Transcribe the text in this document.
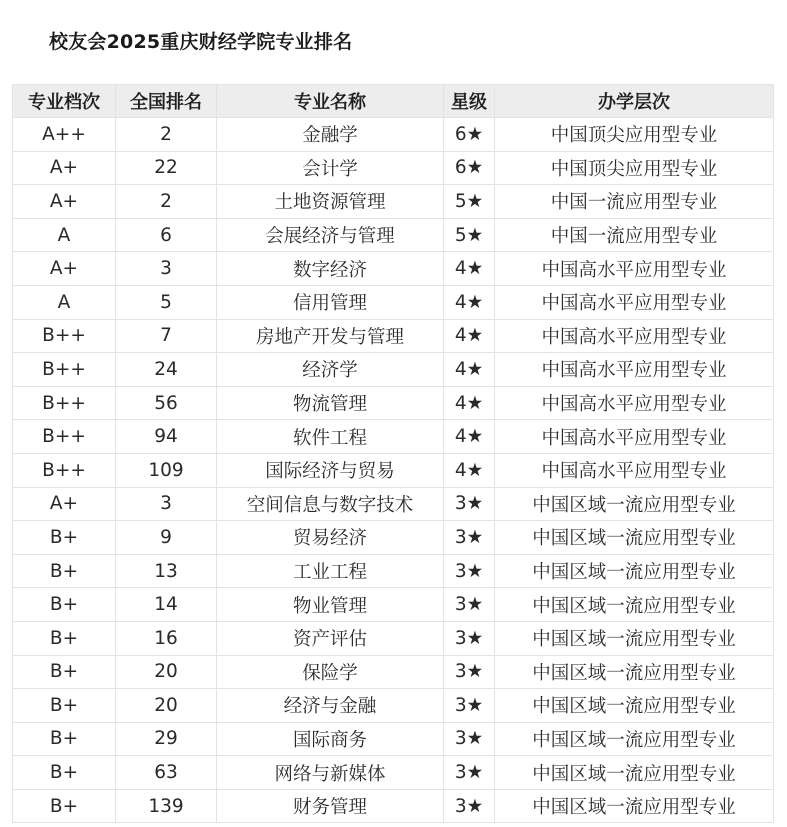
校友会2025重庆财经学院专业排名
专业档次	全国排名	专业名称	星级	办学层次
A++	2	金融学	6★	中国顶尖应用型专业
A+	22	会计学	6★	中国顶尖应用型专业
A+	2	土地资源管理	5★	中国一流应用型专业
A	6	会展经济与管理	5★	中国一流应用型专业
A+	3	数字经济	4★	中国高水平应用型专业
A	5	信用管理	4★	中国高水平应用型专业
B++	7	房地产开发与管理	4★	中国高水平应用型专业
B++	24	经济学	4★	中国高水平应用型专业
B++	56	物流管理	4★	中国高水平应用型专业
B++	94	软件工程	4★	中国高水平应用型专业
B++	109	国际经济与贸易	4★	中国高水平应用型专业
A+	3	空间信息与数字技术	3★	中国区域一流应用型专业
B+	9	贸易经济	3★	中国区域一流应用型专业
B+	13	工业工程	3★	中国区域一流应用型专业
B+	14	物业管理	3★	中国区域一流应用型专业
B+	16	资产评估	3★	中国区域一流应用型专业
B+	20	保险学	3★	中国区域一流应用型专业
B+	20	经济与金融	3★	中国区域一流应用型专业
B+	29	国际商务	3★	中国区域一流应用型专业
B+	63	网络与新媒体	3★	中国区域一流应用型专业
B+	139	财务管理	3★	中国区域一流应用型专业
